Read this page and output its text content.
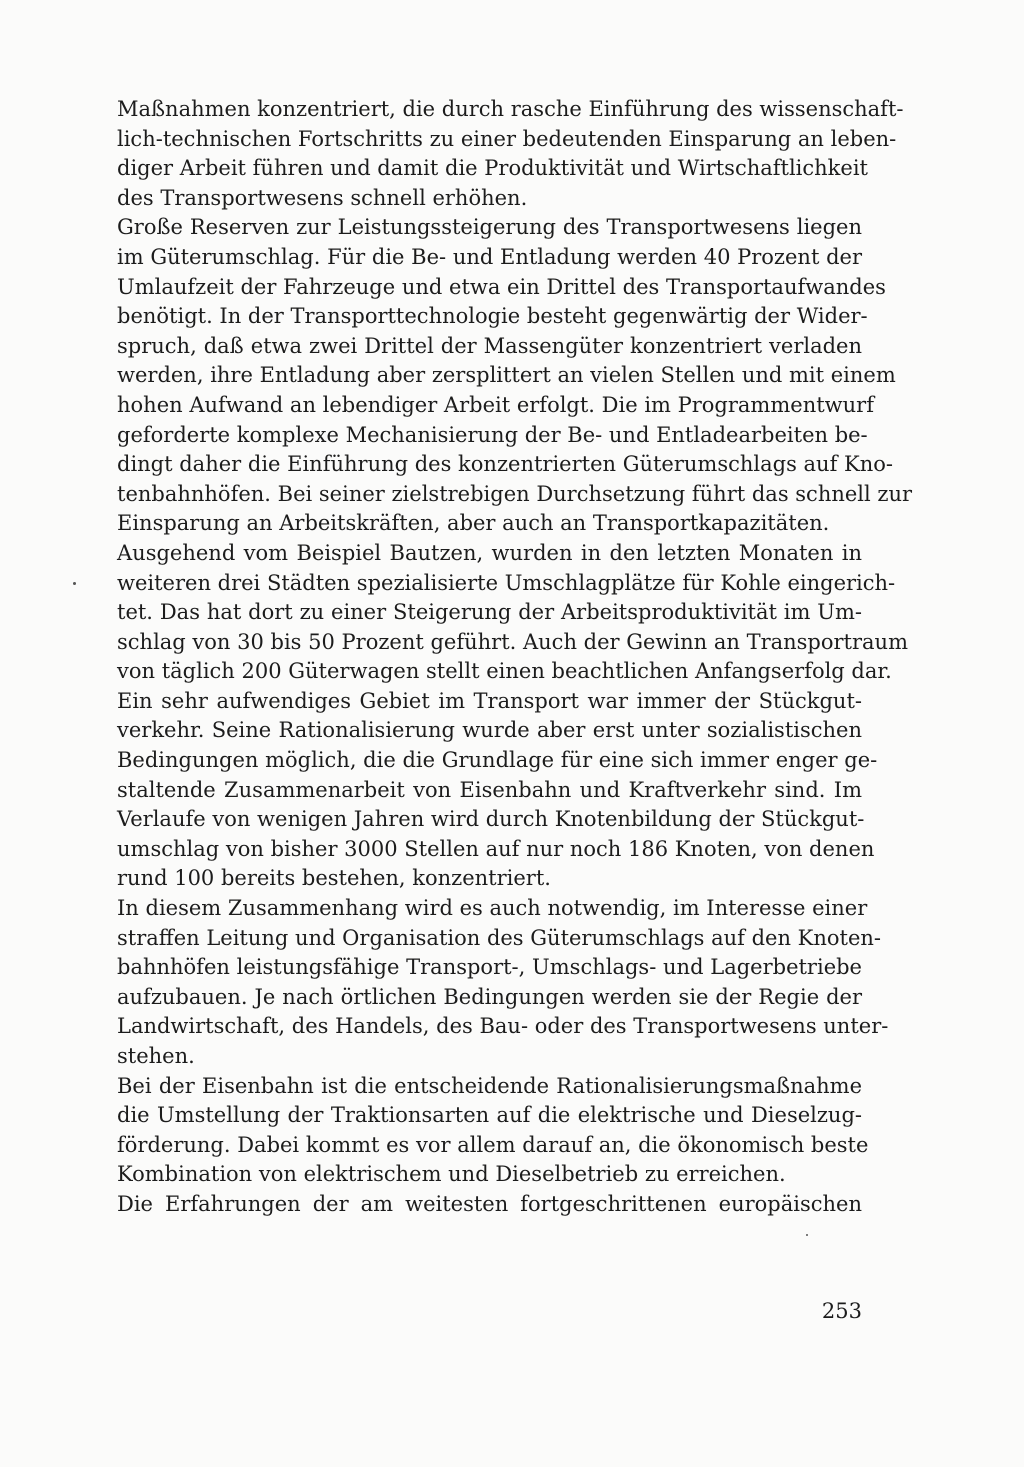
Maßnahmen konzentriert, die durch rasche Einführung des wissenschaft-
lich-technischen Fortschritts zu einer bedeutenden Einsparung an leben-
diger Arbeit führen und damit die Produktivität und Wirtschaftlichkeit
des Transportwesens schnell erhöhen.
Große Reserven zur Leistungssteigerung des Transportwesens liegen
im Güterumschlag. Für die Be- und Entladung werden 40 Prozent der
Umlaufzeit der Fahrzeuge und etwa ein Drittel des Transportaufwandes
benötigt. In der Transporttechnologie besteht gegenwärtig der Wider-
spruch, daß etwa zwei Drittel der Massengüter konzentriert verladen
werden, ihre Entladung aber zersplittert an vielen Stellen und mit einem
hohen Aufwand an lebendiger Arbeit erfolgt. Die im Programmentwurf
geforderte komplexe Mechanisierung der Be- und Entladearbeiten be-
dingt daher die Einführung des konzentrierten Güterumschlags auf Kno-
tenbahnhöfen. Bei seiner zielstrebigen Durchsetzung führt das schnell zur
Einsparung an Arbeitskräften, aber auch an Transportkapazitäten.
Ausgehend vom Beispiel Bautzen, wurden in den letzten Monaten in
weiteren drei Städten spezialisierte Umschlagplätze für Kohle eingerich-
tet. Das hat dort zu einer Steigerung der Arbeitsproduktivität im Um-
schlag von 30 bis 50 Prozent geführt. Auch der Gewinn an Transportraum
von täglich 200 Güterwagen stellt einen beachtlichen Anfangserfolg dar.
Ein sehr aufwendiges Gebiet im Transport war immer der Stückgut-
verkehr. Seine Rationalisierung wurde aber erst unter sozialistischen
Bedingungen möglich, die die Grundlage für eine sich immer enger ge-
staltende Zusammenarbeit von Eisenbahn und Kraftverkehr sind. Im
Verlaufe von wenigen Jahren wird durch Knotenbildung der Stückgut-
umschlag von bisher 3000 Stellen auf nur noch 186 Knoten, von denen
rund 100 bereits bestehen, konzentriert.
In diesem Zusammenhang wird es auch notwendig, im Interesse einer
straffen Leitung und Organisation des Güterumschlags auf den Knoten-
bahnhöfen leistungsfähige Transport-, Umschlags- und Lagerbetriebe
aufzubauen. Je nach örtlichen Bedingungen werden sie der Regie der
Landwirtschaft, des Handels, des Bau- oder des Transportwesens unter-
stehen.
Bei der Eisenbahn ist die entscheidende Rationalisierungsmaßnahme
die Umstellung der Traktionsarten auf die elektrische und Dieselzug-
förderung. Dabei kommt es vor allem darauf an, die ökonomisch beste
Kombination von elektrischem und Dieselbetrieb zu erreichen.
Die Erfahrungen der am weitesten fortgeschrittenen europäischen
253
